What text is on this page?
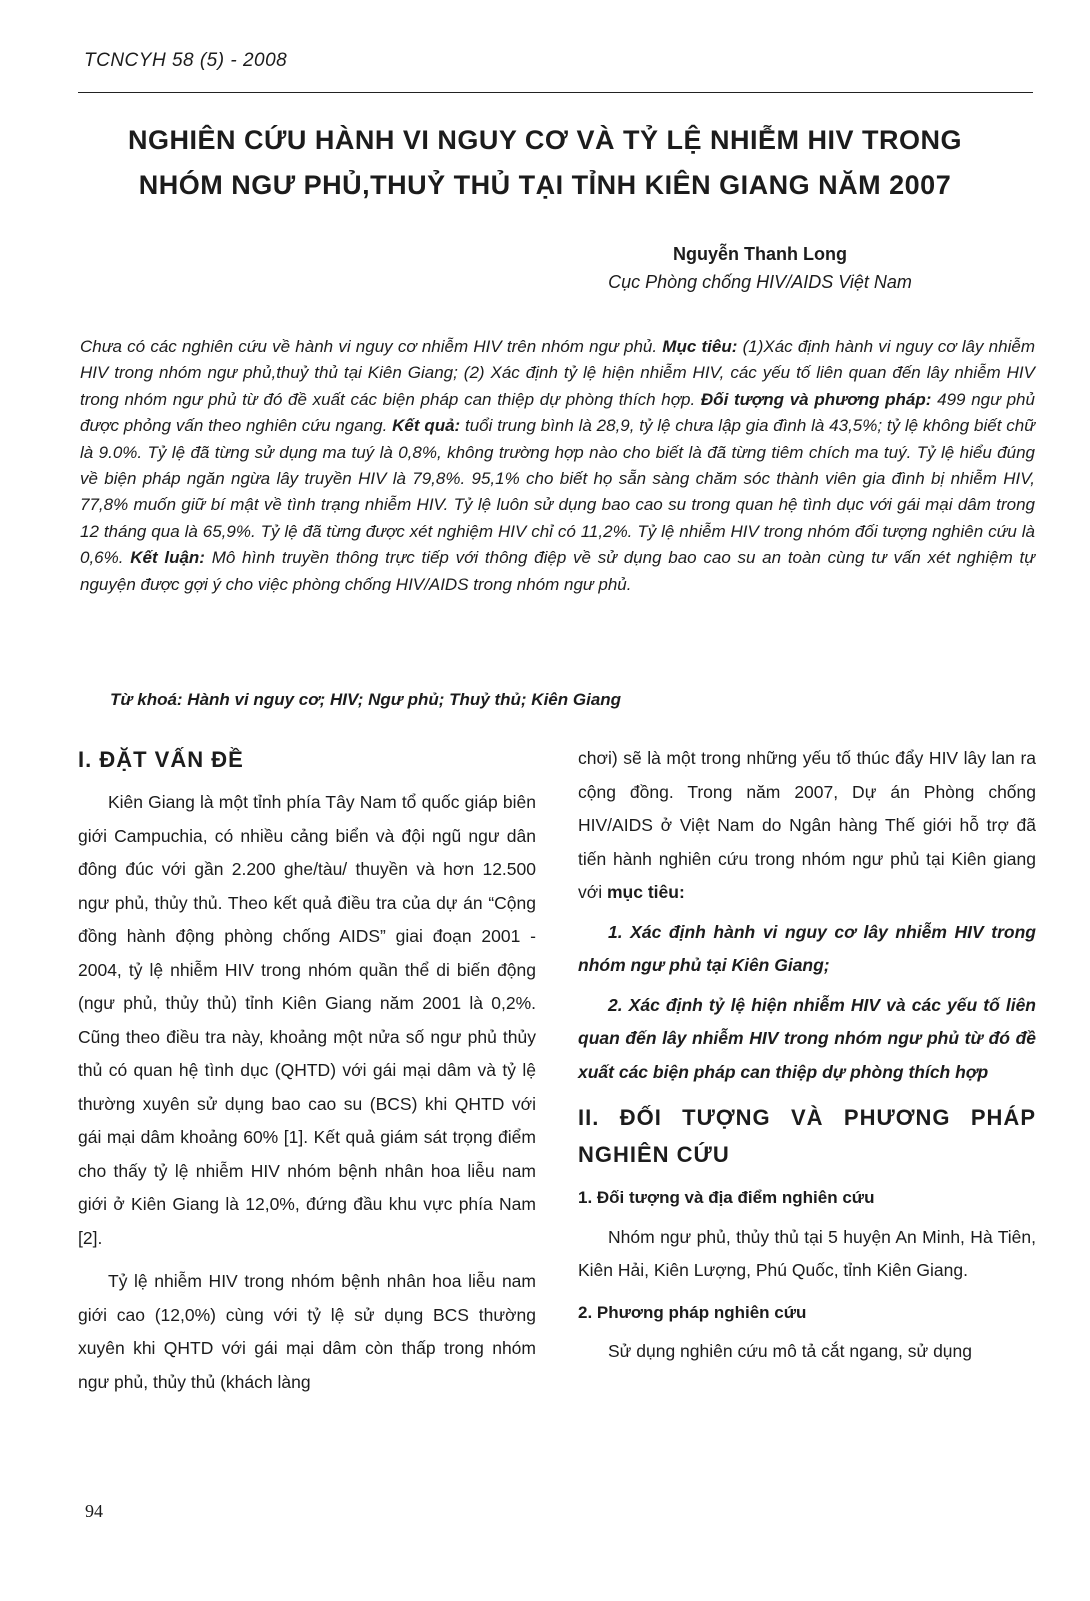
TCNCYH 58 (5) - 2008
NGHIÊN CỨU HÀNH VI NGUY CƠ VÀ TỶ LỆ NHIỄM HIV TRONG
NHÓM NGƯ PHỦ,THUỶ THỦ TẠI TỈNH KIÊN GIANG NĂM 2007
Nguyễn Thanh Long
Cục Phòng chống HIV/AIDS Việt Nam

Chưa có các nghiên cứu về hành vi nguy cơ nhiễm HIV trên nhóm ngư phủ. Mục tiêu: (1)Xác định hành vi nguy cơ lây nhiễm HIV trong nhóm ngư phủ,thuỷ thủ tại Kiên Giang; (2) Xác định tỷ lệ hiện nhiễm HIV, các yếu tố liên quan đến lây nhiễm HIV trong nhóm ngư phủ từ đó đề xuất các biện pháp can thiệp dự phòng thích hợp. Đối tượng và phương pháp: 499 ngư phủ được phỏng vấn theo nghiên cứu ngang. Kết quả: tuổi trung bình là 28,9, tỷ lệ chưa lập gia đình là 43,5%; tỷ lệ không biết chữ là 9.0%. Tỷ lệ đã từng sử dụng ma tuý là 0,8%, không trường hợp nào cho biết là đã từng tiêm chích ma tuý. Tỷ lệ hiểu đúng về biện pháp ngăn ngừa lây truyền HIV là 79,8%. 95,1% cho biết họ sẵn sàng chăm sóc thành viên gia đình bị nhiễm HIV, 77,8% muốn giữ bí mật về tình trạng nhiễm HIV. Tỷ lệ luôn sử dụng bao cao su trong quan hệ tình dục với gái mại dâm trong 12 tháng qua là 65,9%. Tỷ lệ đã từng được xét nghiệm HIV chỉ có 11,2%. Tỷ lệ nhiễm HIV trong nhóm đối tượng nghiên cứu là 0,6%. Kết luận: Mô hình truyền thông trực tiếp với thông điệp về sử dụng bao cao su an toàn cùng tư vấn xét nghiệm tự nguyện được gợi ý cho việc phòng chống HIV/AIDS trong nhóm ngư phủ.

Từ khoá: Hành vi nguy cơ; HIV; Ngư phủ; Thuỷ thủ; Kiên Giang
I. ĐẶT VẤN ĐỀ

Kiên Giang là một tỉnh phía Tây Nam tổ quốc giáp biên giới Campuchia, có nhiều cảng biển và đội ngũ ngư dân đông đúc với gần 2.200 ghe/tàu/ thuyền và hơn 12.500 ngư phủ, thủy thủ. Theo kết quả điều tra của dự án “Cộng đồng hành động phòng chống AIDS” giai đoạn 2001 - 2004, tỷ lệ nhiễm HIV trong nhóm quần thể di biến động (ngư phủ, thủy thủ) tỉnh Kiên Giang năm 2001 là 0,2%. Cũng theo điều tra này, khoảng một nửa số ngư phủ thủy thủ có quan hệ tình dục (QHTD) với gái mại dâm và tỷ lệ thường xuyên sử dụng bao cao su (BCS) khi QHTD với gái mại dâm khoảng 60% [1]. Kết quả giám sát trọng điểm cho thấy tỷ lệ nhiễm HIV nhóm bệnh nhân hoa liễu nam giới ở Kiên Giang là 12,0%, đứng đầu khu vực phía Nam [2].

Tỷ lệ nhiễm HIV trong nhóm bệnh nhân hoa liễu nam giới cao (12,0%) cùng với tỷ lệ sử dụng BCS thường xuyên khi QHTD với gái mại dâm còn thấp trong nhóm ngư phủ, thủy thủ (khách làng

chơi) sẽ là một trong những yếu tố thúc đẩy HIV lây lan ra cộng đồng. Trong năm 2007, Dự án Phòng chống HIV/AIDS ở Việt Nam do Ngân hàng Thế giới hỗ trợ đã tiến hành nghiên cứu trong nhóm ngư phủ tại Kiên giang với mục tiêu:

1. Xác định hành vi nguy cơ lây nhiễm HIV trong nhóm ngư phủ tại Kiên Giang;

2. Xác định tỷ lệ hiện nhiễm HIV và các yếu tố liên quan đến lây nhiễm HIV trong nhóm ngư phủ từ đó đề xuất các biện pháp can thiệp dự phòng thích hợp

II. ĐỐI TƯỢNG VÀ PHƯƠNG PHÁP NGHIÊN CỨU

1. Đối tượng và địa điểm nghiên cứu

Nhóm ngư phủ, thủy thủ tại 5 huyện An Minh, Hà Tiên, Kiên Hải, Kiên Lượng, Phú Quốc, tỉnh Kiên Giang.

2. Phương pháp nghiên cứu

Sử dụng nghiên cứu mô tả cắt ngang, sử dụng

94
